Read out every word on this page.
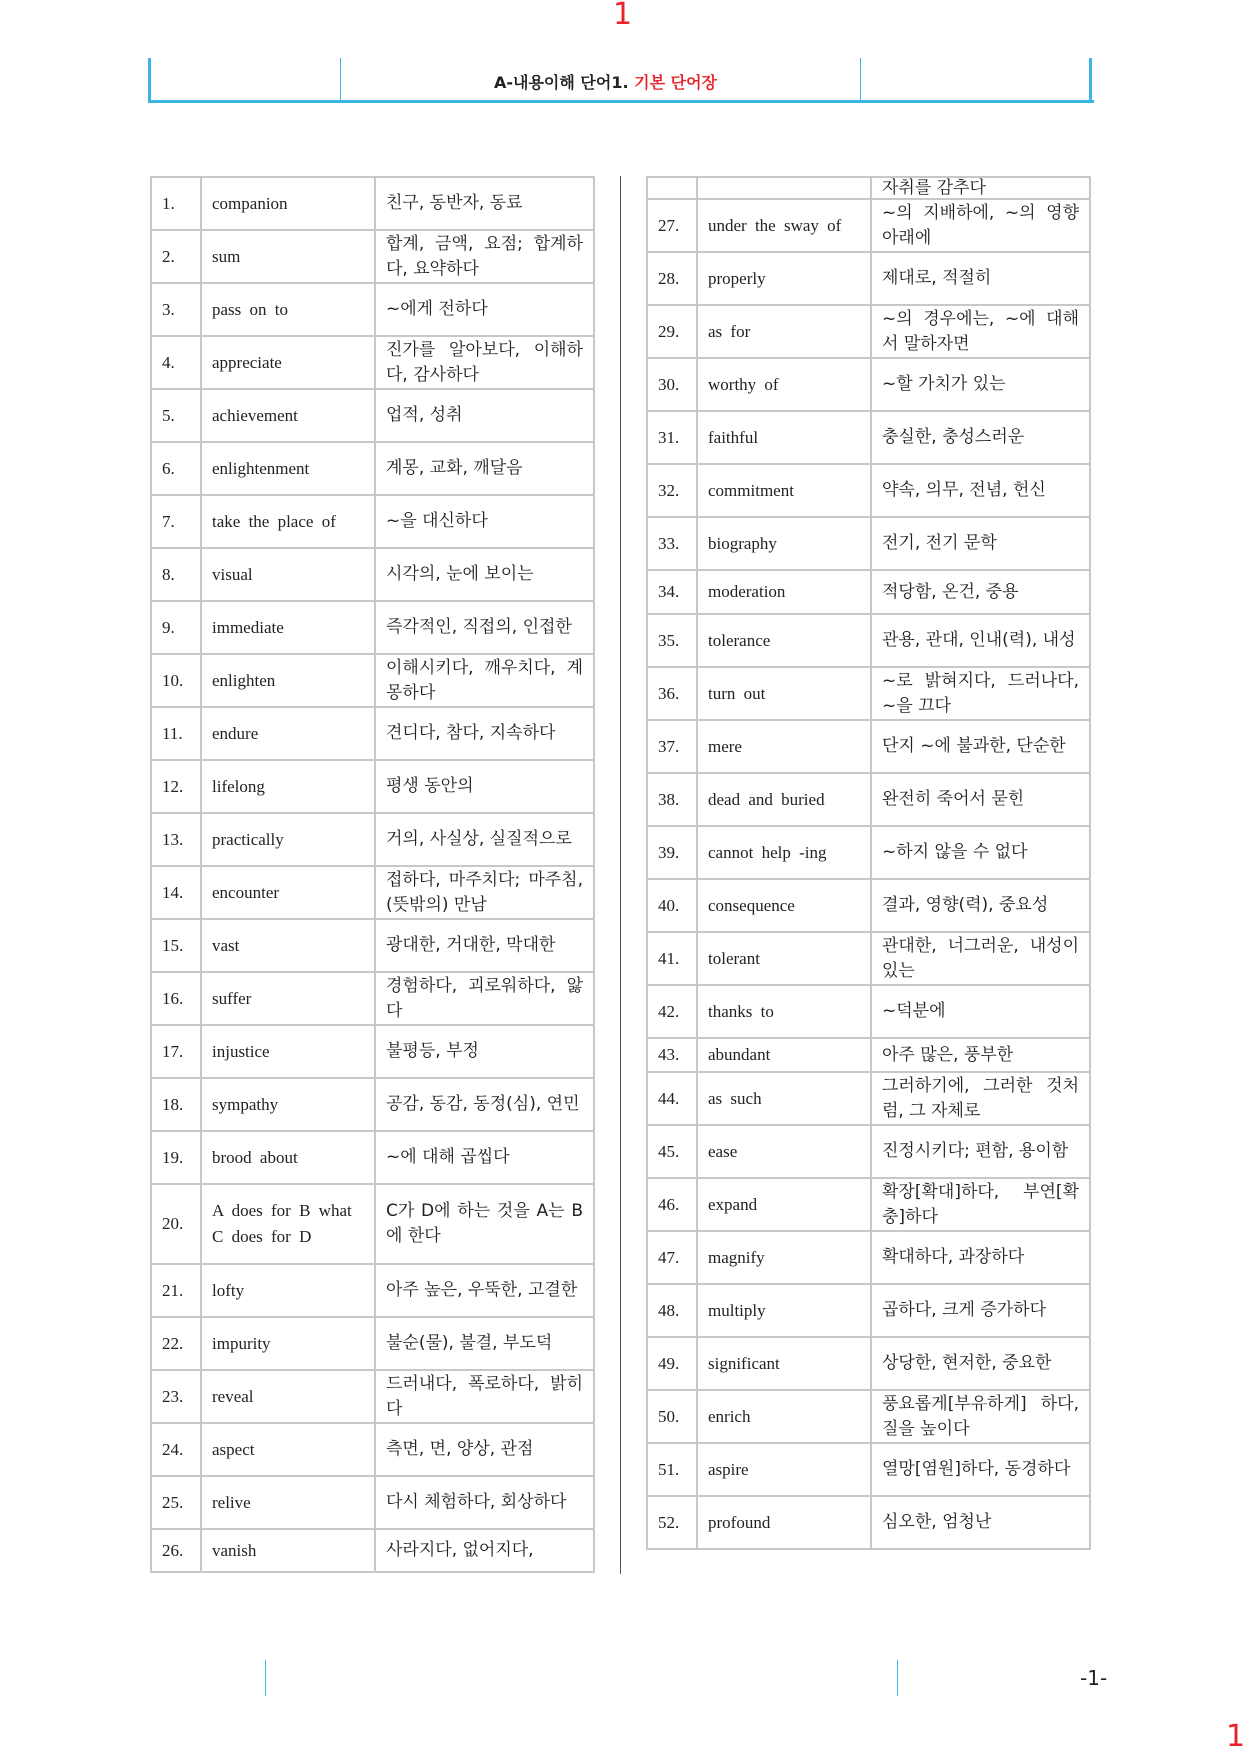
1
A-내용이해 단어1. 기본 단어장
1.	companion	친구, 동반자, 동료
2.	sum	합계, 금액, 요점; 합계하다, 요약하다
3.	pass on to	~에게 전하다
4.	appreciate	진가를 알아보다, 이해하다, 감사하다
5.	achievement	업적, 성취
6.	enlightenment	계몽, 교화, 깨달음
7.	take the place of	~을 대신하다
8.	visual	시각의, 눈에 보이는
9.	immediate	즉각적인, 직접의, 인접한
10.	enlighten	이해시키다, 깨우치다, 계몽하다
11.	endure	견디다, 참다, 지속하다
12.	lifelong	평생 동안의
13.	practically	거의, 사실상, 실질적으로
14.	encounter	접하다, 마주치다; 마주침, (뜻밖의) 만남
15.	vast	광대한, 거대한, 막대한
16.	suffer	경험하다, 괴로워하다, 앓다
17.	injustice	불평등, 부정
18.	sympathy	공감, 동감, 동정(심), 연민
19.	brood about	~에 대해 곱씹다
20.	A does for B what C does for D	C가 D에 하는 것을 A는 B에 한다
21.	lofty	아주 높은, 우뚝한, 고결한
22.	impurity	불순(물), 불결, 부도덕
23.	reveal	드러내다, 폭로하다, 밝히다
24.	aspect	측면, 면, 양상, 관점
25.	relive	다시 체험하다, 회상하다
26.	vanish	사라지다, 없어지다,
		자취를 감추다
27.	under the sway of	~의 지배하에, ~의 영향 아래에
28.	properly	제대로, 적절히
29.	as for	~의 경우에는, ~에 대해서 말하자면
30.	worthy of	~할 가치가 있는
31.	faithful	충실한, 충성스러운
32.	commitment	약속, 의무, 전념, 헌신
33.	biography	전기, 전기 문학
34.	moderation	적당함, 온건, 중용
35.	tolerance	관용, 관대, 인내(력), 내성
36.	turn out	~로 밝혀지다, 드러나다, ~을 끄다
37.	mere	단지 ~에 불과한, 단순한
38.	dead and buried	완전히 죽어서 묻힌
39.	cannot help -ing	~하지 않을 수 없다
40.	consequence	결과, 영향(력), 중요성
41.	tolerant	관대한, 너그러운, 내성이 있는
42.	thanks to	~덕분에
43.	abundant	아주 많은, 풍부한
44.	as such	그러하기에, 그러한 것처럼, 그 자체로
45.	ease	진정시키다; 편함, 용이함
46.	expand	확장[확대]하다, 부연[확충]하다
47.	magnify	확대하다, 과장하다
48.	multiply	곱하다, 크게 증가하다
49.	significant	상당한, 현저한, 중요한
50.	enrich	풍요롭게[부유하게] 하다, 질을 높이다
51.	aspire	열망[염원]하다, 동경하다
52.	profound	심오한, 엄청난
-1-
1
